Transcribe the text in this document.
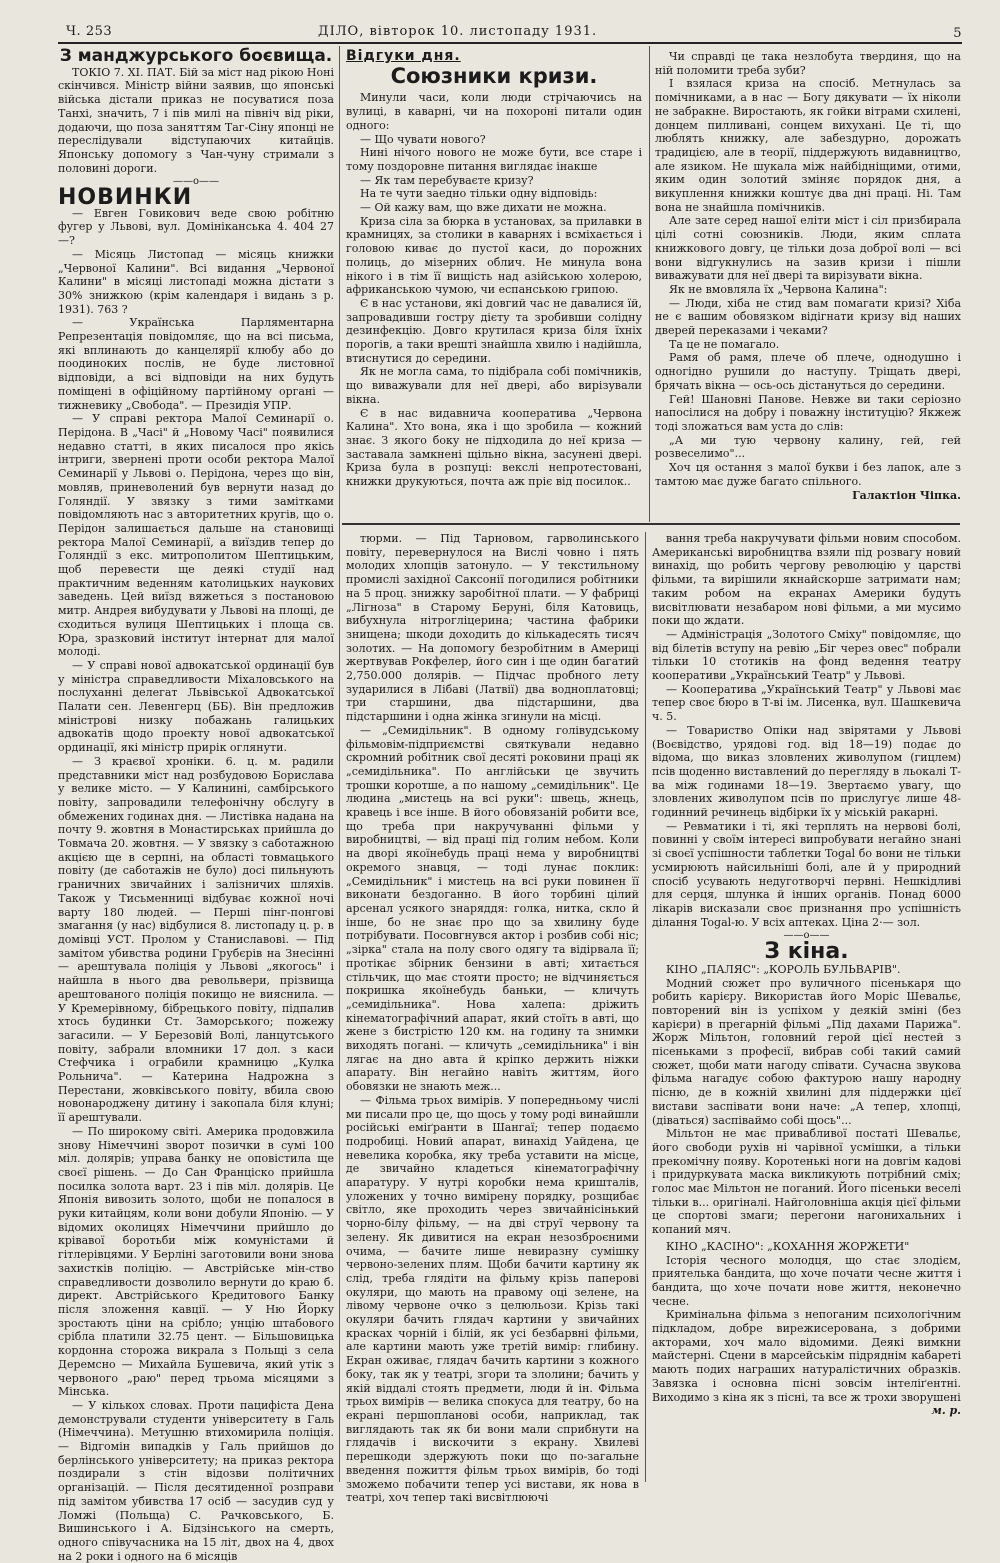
Ч. 253	ДІЛО, вівторок 10. листопаду 1931.	5
З манджурського боєвища.

ТОКІО 7. ХІ. ПАТ. Бій за міст над рікою Ноні скінчився. Міністр війни заявив, що японські війська дістали приказ не посуватися поза Танхі, значить, 7 і пів милі на північ від ріки, додаючи, що поза заняттям Таг-Сіну японці не переслідували відступаючих китайців. Японську допомогу з Чан-чуну стримали з половині дороги.

——о——
НОВИНКИ

— Евген Говикович веде свою робітню фугер у Львові, вул. Домініканська 4. 404 27—?

— Місяць Листопад — місяць книжки „Червоної Калини". Всі видання „Червоної Калини" в місяці листопаді можна дістати з 30% знижкою (крім календаря і видань з р. 1931). 763 ?

— Українська Парляментарна Репрезентація повідомляє, що на всі письма, які вплинають до канцелярії клюбу або до поодиноких послів, не буде листовної відповіди, а всі відповіди на них будуть поміщені в офіційному партійному органі — тижневику „Свобода". — Президія УПР.

— У справі ректора Малої Семинарії о. Перідона. В „Часі" й „Новому Часі" появилися недавно статті, в яких писалося про якісь інтриги, звернені проти особи ректора Малої Семинарії у Львові о. Перідона, через що він, мовляв, приневолений був вернути назад до Голяндії. У звязку з тими замітками повідомляють нас з авторитетних кругів, що о. Перідон залишається дальше на становищі ректора Малої Семинарії, а виїздив тепер до Голяндії з екс. митрополитом Шептицьким, щоб перевести ще деякі студії над практичним веденням католицьких наукових заведень. Цей виїзд вяжеться з постановою митр. Андрея вибудувати у Львові на площі, де сходиться вулиця Шептицьких і площа св. Юра, зразковий інститут інтернат для малої молоді.

— У справі нової адвокатської ординації був у міністра справедливости Міхаловського на послуханні делегат Львівської Адвокатської Палати сен. Левенгерц (ББ). Він предложив міністрові низку побажань галицьких адвокатів щодо проекту нової адвокатської ординації, які міністр прирік оглянути.

— З краєвої хроніки. 6. ц. м. радили представники міст над розбудовою Борислава у велике місто. — У Калинині, самбірського повіту, запровадили телефонічну обслугу в обмежених годинах дня. — Листівка надана на почту 9. жовтня в Монастирськах прийшла до Товмача 20. жовтня. — У звязку з саботажною акцією ще в серпні, на області товмацького повіту (де саботажів не було) досі пильнують граничних звичайних і залізничих шляхів. Також у Тисьменниці відбуває кожної ночі варту 180 людей. — Перші пінг-понгові змагання (у нас) відбулися 8. листопаду ц. р. в домівці УСТ. Пролом у Станиславові. — Під замітом убивства родини Грубєрів на Знесінні — арештувала поліція у Львові „якогось" і найшла в нього два револьвери, прізвища арештованого поліція покищо не вияснила. — У Кремерівному, бібрецького повіту, підпалив хтось будинки Ст. Заморського; пожежу загасили. — У Березовій Волі, ланцутського повіту, забрали вломники 17 дол. з каси Стефчика і ограбили крамницю „Кулка Рольнича". — Катерина Надрожна з Перестани, жовківського повіту, вбила свою новонароджену дитину і закопала біля клуні; її арештували.

— По широкому світі. Америка продовжила знову Німеччині зворот позички в сумі 100 міл. долярів; управа банку не оповістила ще своєї рішень. — До Сан Франціско прийшла посилка золота варт. 23 і пів міл. долярів. Це Японія вивозить золото, щоби не попалося в руки китайцям, коли вони добули Японію. — У відомих околицях Німеччини прийшло до крівавої боротьби між комуністами й гітлерівцями. У Берліні заготовили вони знова захистків поліцію. — Австрійське мін-ство справедливости дозволило вернути до краю б. директ. Австрійського Кредитового Банку після зложення кавції. — У Ню Йорку зростають ціни на срібло; унцію штабового срібла платили 32.75 цент. — Більшовицька кордонна сторожа викрала з Польщі з села Деремсно — Михайла Бушевича, який утік з червоного „раю" перед трьома місяцями з Мінська.

— У кількох словах. Проти пацифіста Дена демонстрували студенти університету в Галь (Німеччина). Метушню втихомирила поліція. — Відгомін випадків у Галь прийшов до берлінського університету; на приказ ректора поздирали з стін відозви політичних організацій. — Після десятиденної розправи під замітом убивства 17 осіб — засудив суд у Ломжі (Польща) С. Рачковського, Б. Вишинського і А. Бідзінського на смерть, одного співучасника на 15 літ, двох на 4, двох на 2 роки і одного на 6 місяців

Відгуки дня.
Союзники кризи.

Минули часи, коли люди стрічаючись на вулиці, в каварні, чи на похороні питали один одного:

— Що чувати нового?

Нині нічого нового не може бути, все старе і тому поздоровне питання виглядає інакше

— Як там перебуваєте кризу?

На те чути заедно тільки одну відповідь:

— Ой кажу вам, що вже дихати не можна.

Криза сіла за бюрка в установах, за прилавки в крамницях, за столики в каварнях і всміхається і головою киває до пустої каси, до порожних полиць, до мізерних облич. Не минула вона нікого і в тім її вищість над азійською холерою, африканською чумою, чи еспанською грипою.

Є в нас установи, які довгий час не давалися їй, запровадивши гостру дієту та зробивши солідну дезинфекцію. Довго крутилася криза біля їхніх порогів, а таки врешті знайшла хвилю і надійшла, втиснутися до середини.

Як не могла сама, то підібрала собі помічників, що виважували для неї двері, або вирізували вікна.

Є в нас видавнича кооператива „Червона Калина". Хто вона, яка і що зробила — кожний знає. З якого боку не підходила до неї криза — заставала замкнені щільно вікна, засунені двері. Криза була в розпуці: векслі непротестовані, книжки друкуються, почта аж пріє від посилок..

Чи справді це така незлобута твердиня, що на ній поломити треба зуби?

І взялася криза на спосіб. Метнулась за помічниками, а в нас — Богу дякувати — їх ніколи не забракне. Виростають, як гойки вітрами схилені, донцем пилливані, сонцем вихухані. Це ті, що люблять книжку, але забездурно, дорожать традицією, але в теорії, піддержують видавництво, але язиком. Не шукала між найбідніщими, отими, яким один золотий зміняє порядок дня, а викуплення книжки коштує два дні праці. Ні. Там вона не знайшла помічників.

Але зате серед нашої еліти міст і сіл призбирала цілі сотні союзників. Люди, яким сплата книжкового довгу, це тільки доза доброї волі — всі вони відгукнулись на зазив кризи і пішли виважувати для неї двері та вирізувати вікна.

Як не вмовляла їх „Червона Калина":

— Люди, хіба не стид вам помагати кризі? Хіба не є вашим обовязком відігнати кризу від наших дверей переказами і чеками?

Та це не помагало.

Рамя об рамя, плече об плече, однодушно і одногідно рушили до наступу. Тріщать двері, брячать вікна — ось-ось дістануться до середини.

Гей! Шановні Панове. Невже ви таки серіозно напосілися на добру і поважну інституцію? Якжеж тоді зложаться вам уста до слів:

„А ми тую червону калину, гей, гей розвеселимо"...

Хоч ця остання з малої букви і без лапок, але з тамтою має дуже багато спільного.

Галактіон Чіпка.

тюрми. — Під Тарновом, гарволинського повіту, перевернулося на Вислі човно і пять молодих хлопців затонуло. — У текстильному промислі західної Саксонії погодилися робітники на 5 проц. знижку заробітної плати. — У фабриці „Лігноза" в Старому Беруні, біля Катовиць, вибухнула нітрогліцерина; частина фабрики знищена; шкоди доходить до кількадесять тисяч золотих. — На допомогу безробітним в Америці жертвував Рокфелер, його син і ще один багатий 2,750.000 долярів. — Підчас пробного лету зударилися в Лібаві (Латвії) два водноплатовці; три старшини, два підстаршини, два підстаршини і одна жінка згинули на місці.

— „Семидільник". В одному голівудському фільмовім-підприємстві святкували недавно скромний робітник свої десяті роковини праці як „семидільника". По англійськи це звучить трошки коротше, а по нашому „семидільник". Це людина „мистець на всі руки": швець, жнець, кравець і все інше. В його обовязаній робити все, що треба при накручуванні фільми у виробництві, — від праці під голим небом. Коли на дворі якоїнебудь праці нема у виробництві окремого знавця, — тоді лунає поклик: „Семидільник" і мистець на всі руки повинен її виконати бездоганно. В його торбині цілий арсенал усякого знаряддя: голка, нитка, скло й інше, бо не знає про що за хвилину буде потрібувати. Посовгнувся актор і розбив собі ніс; „зірка" стала на полу свого одягу та відірвала її; протікає збірник бензини в авті; хитається стільчик, що має стояти просто; не відчиняється покришка якоїнебудь баньки, — кличуть „семидільника". Нова халепа: дріжить кінематографічний апарат, який стоїть в авті, що жене з бистрістю 120 км. на годину та знимки виходять погані. — кличуть „семидільника" і він лягає на дно авта й кріпко держить ніжки апарату. Він негайно навіть життям, його обовязки не знають меж...

— Фільма трьох вимірів. У попередньому числі ми писали про це, що щось у тому роді винайшли російські еміґранти в Шангаї; тепер подаємо подробиці. Новий апарат, винахід Уайдена, це невелика коробка, яку треба уставити на місце, де звичайно кладеться кінематографічну апаратуру. У нутрі коробки нема кришталів, уложених у точно вимірену порядку, розщибає світло, яке проходить через звичайнісінький чорно-білу фільму, — на дві струї червону та зелену. Як дивитися на екран незозброєними очима, — бачите лише невиразну сумішку червоно-зелених плям. Щоби бачити картину як слід, треба глядіти на фільму крізь паперові окуляри, що мають на правому оці зелене, на лівому червоне очко з целюльози. Крізь такі окуляри бачить глядач картини у звичайних красках чорній і білій, як усі безбарвні фільми, але картини мають уже третій вимір: глибину. Екран оживає, глядач бачить картини з кожного боку, так як у театрі, згори та злолини; бачить у якій віддалі стоять предмети, люди й ін. Фільма трьох вимірів — велика спокуса для театру, бо на екрані першопланові особи, наприклад, так виглядають так як би вони мали сприбнути на глядачів і вискочити з екрану. Хвилеві перешкоди здержують поки що по-загальне введення пожиття фільм трьох вимірів, бо тоді зможемо побачити тепер усі вистави, як нова в театрі, хоч тепер такі висвітлюючі

вання треба накручувати фільми новим способом. Американські виробництва взяли під розвагу новий винахід, що робить чергову революцію у царстві фільми, та вирішили якнайскорше затримати нам; таким робом на екранах Америки будуть висвітлювати незабаром нові фільми, а ми мусимо поки що ждати.

— Адміністрація „Золотого Сміху" повідомляє, що від білетів вступу на ревію „Біг через овес" побрали тільки 10 стотиків на фонд ведення театру кооперативи „Український Театр" у Львові.

— Кооператива „Український Театр" у Львові має тепер своє бюро в Т-ві ім. Лисенка, вул. Шашкевича ч. 5.

— Товариство Опіки над звірятами у Львові (Воєвідство, урядові год. від 18—19) подає до відома, що виказ зловлених живолупом (гицлем) псів щоденно виставлений до перегляду в льокалі Т-ва між годинами 18—19. Звертаємо увагу, що зловлених живолупом псів по прислугує лише 48-годинний речинець відбірки їх у міській ракарні.

— Ревматики і ті, які терплять на нервові болі, повинні у своїм інтересі випробувати негайно знані зі своєї успішности таблетки Togal бо вони не тільки усмирюють найсильніші болі, але й у природний спосіб усувають недуготворчі первні. Нешкідливі для серця, шлунка й інших органів. Понад 6000 лікарів висказали своє признання про успішність ділання Togal-ю. У всіх аптеках. Ціна 2·— зол.

——о——
З кіна.

КІНО „ПАЛЯС": „КОРОЛЬ БУЛЬВАРІВ".

Модний сюжет про вуличного пісенькаря що робить карієру. Використав його Моріс Шевальє, повторений він із успіхом у деякій зміні (без карієри) в прегарній фільмі „Під дахами Парижа". Жорж Мільтон, головний герой цієї нестей з пісеньками з професії, вибрав собі такий самий сюжет, щоби мати нагоду співати. Сучасна звукова фільма нагадує собою фактурою нашу народну пісню, де в кожній хвилині для піддержки цієї вистави заспівати вони наче: „А тепер, хлопці, (діваться) заспіваймо собі щось"...

Мільтон не має привабливої постаті Шевальє, його свободи рухів ні чарівної усмішки, а тільки прекомічну появу. Коротенькі ноги на довгім кадові і придуркувата маска викликують потрібний сміх; голос має Мільтон не поганий. Його пісеньки веселі тільки в... оригіналі. Найголовніша акція цієї фільми це спортові змаги; перегони нагонихальних і копаний мяч.

КІНО „КАСІНО": „КОХАННЯ ЖОРЖЕТИ"

Історія чесного молодця, що стає злодієм, приятелька бандита, що хоче почати чесне життя і бандита, що хоче почати нове життя, неконечно чесне.

Кримінальна фільма з непоганим психологічним підкладом, добре вирежисерована, з добрими акторами, хоч мало відомими. Деякі вимкни майстерні. Сцени в марсейськім підряднім кабареті мають подих награших натуралістичних образків. Завязка і основна пісні зовсім інтеліґентні. Виходимо з кіна як з пісні, та все ж трохи зворушені

м. р.
